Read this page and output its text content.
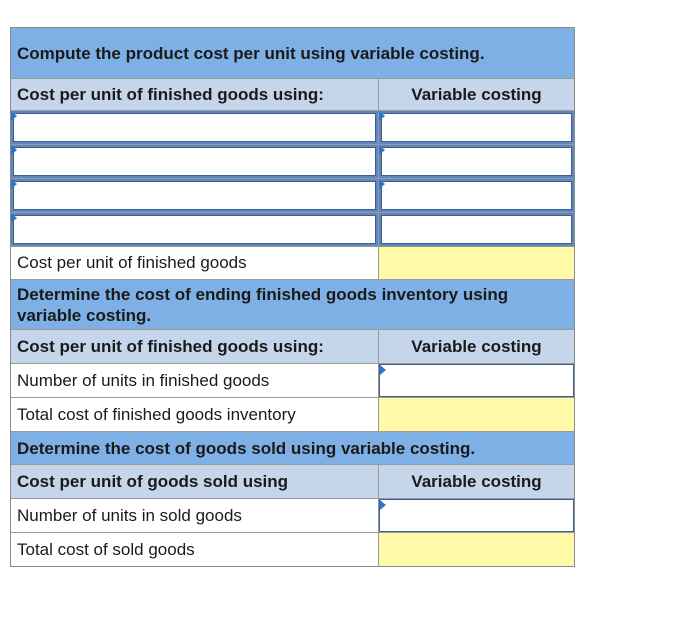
Compute the product cost per unit using variable costing.
Cost per unit of finished goods using:	Variable costing
Cost per unit of finished goods
Determine the cost of ending finished goods inventory using variable costing.
Cost per unit of finished goods using:	Variable costing
Number of units in finished goods
Total cost of finished goods inventory
Determine the cost of goods sold using variable costing.
Cost per unit of goods sold using	Variable costing
Number of units in sold goods
Total cost of sold goods
